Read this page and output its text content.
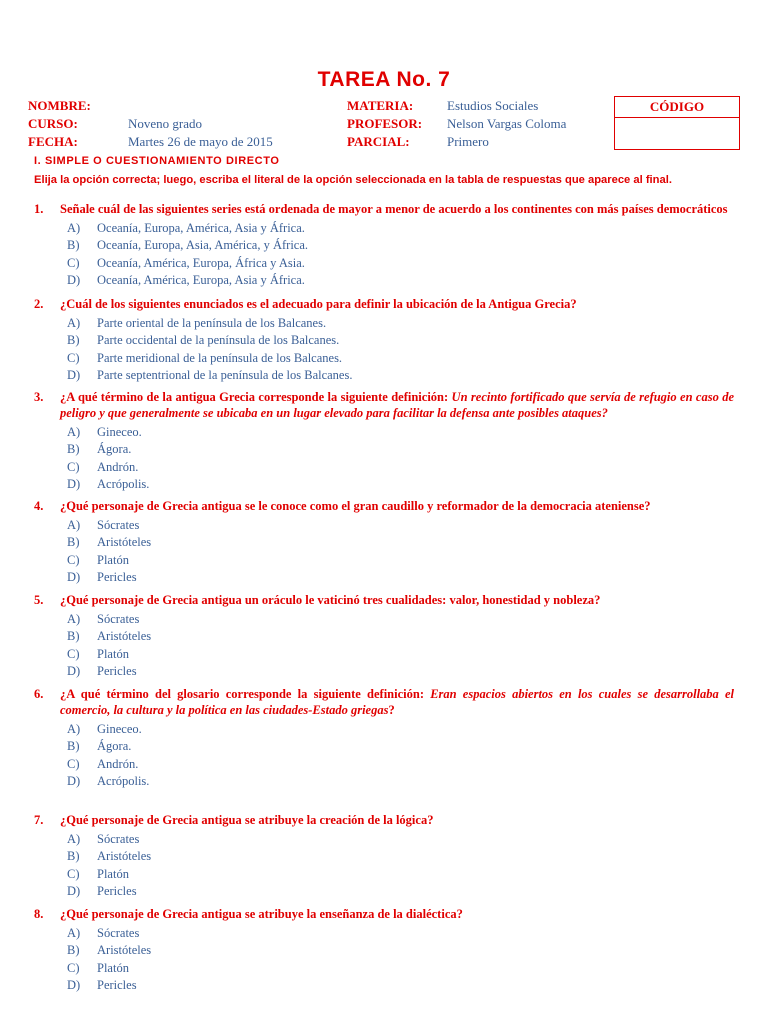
TAREA No. 7
NOMBRE:
CURSO:	Noveno grado
FECHA:	Martes 26 de mayo de 2015
MATERIA:	Estudios Sociales
PROFESOR: Nelson Vargas Coloma
PARCIAL:	Primero
CÓDIGO
I. SIMPLE O CUESTIONAMIENTO DIRECTO
Elija la opción correcta; luego, escriba el literal de la opción seleccionada en la tabla de respuestas que aparece al final.
1. Señale cuál de las siguientes series está ordenada de mayor a menor de acuerdo a los continentes con más países democráticos
A) Oceanía, Europa, América, Asia y África.
B) Oceanía, Europa, Asia, América, y África.
C) Oceanía, América, Europa, África y Asia.
D) Oceanía, América, Europa, Asia y África.
2. ¿Cuál de los siguientes enunciados es el adecuado para definir la ubicación de la Antigua Grecia?
A) Parte oriental de la península de los Balcanes.
B) Parte occidental de la península de los Balcanes.
C) Parte meridional de la península de los Balcanes.
D) Parte septentrional de la península de los Balcanes.
3. ¿A qué término de la antigua Grecia corresponde la siguiente definición: Un recinto fortificado que servía de refugio en caso de peligro y que generalmente se ubicaba en un lugar elevado para facilitar la defensa ante posibles ataques?
A) Gineceo.
B) Ágora.
C) Andrón.
D) Acrópolis.
4. ¿Qué personaje de Grecia antigua se le conoce como el gran caudillo y reformador de la democracia ateniense?
A) Sócrates
B) Aristóteles
C) Platón
D) Pericles
5. ¿Qué personaje de Grecia antigua un oráculo le vaticinó tres cualidades: valor, honestidad y nobleza?
A) Sócrates
B) Aristóteles
C) Platón
D) Pericles
6. ¿A qué término del glosario corresponde la siguiente definición: Eran espacios abiertos en los cuales se desarrollaba el comercio, la cultura y la política en las ciudades-Estado griegas?
A) Gineceo.
B) Ágora.
C) Andrón.
D) Acrópolis.
7. ¿Qué personaje de Grecia antigua se atribuye la creación de la lógica?
A) Sócrates
B) Aristóteles
C) Platón
D) Pericles
8. ¿Qué personaje de Grecia antigua se atribuye la enseñanza de la dialéctica?
A) Sócrates
B) Aristóteles
C) Platón
D) Pericles
